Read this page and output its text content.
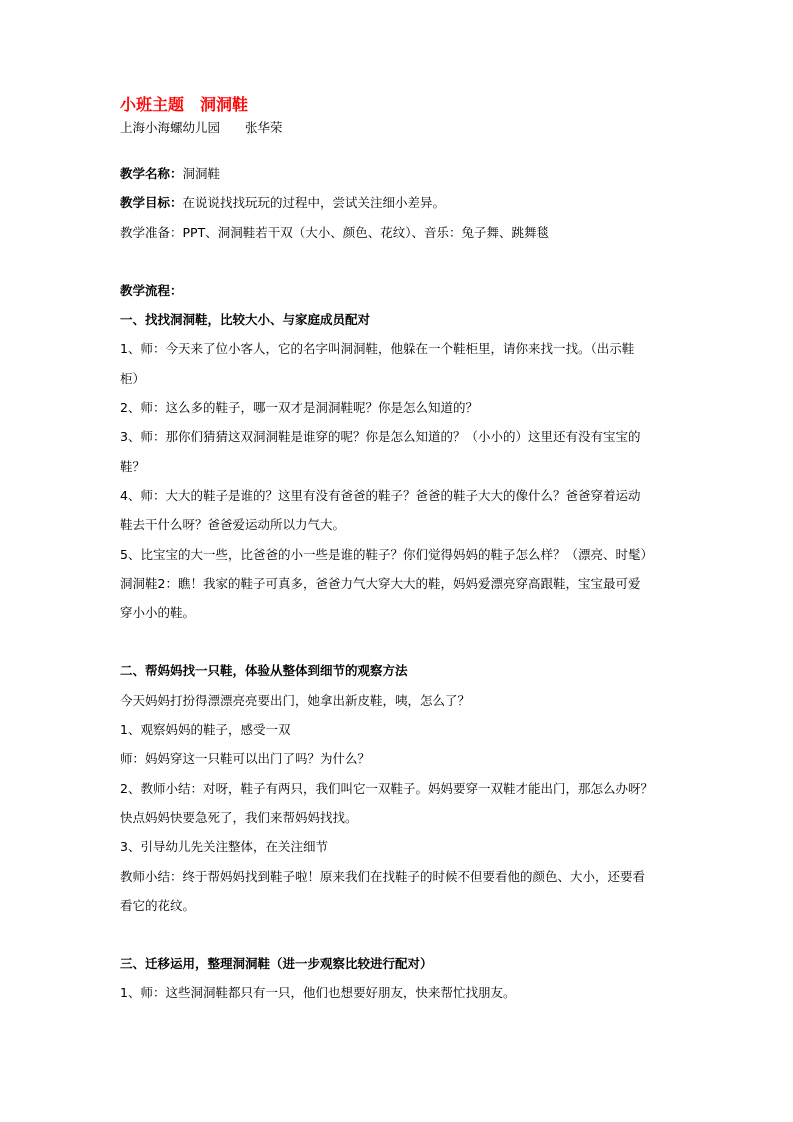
小班主题　洞洞鞋
上海小海螺幼儿园　　张华荣
教学名称：洞洞鞋
教学目标：在说说找找玩玩的过程中，尝试关注细小差异。
教学准备：PPT、洞洞鞋若干双（大小、颜色、花纹）、音乐：兔子舞、跳舞毯
教学流程：
一、找找洞洞鞋，比较大小、与家庭成员配对
1、师：今天来了位小客人，它的名字叫洞洞鞋，他躲在一个鞋柜里，请你来找一找。（出示鞋
柜）
2、师：这么多的鞋子，哪一双才是洞洞鞋呢？你是怎么知道的？
3、师：那你们猜猜这双洞洞鞋是谁穿的呢？你是怎么知道的？（小小的）这里还有没有宝宝的
鞋？
4、师：大大的鞋子是谁的？这里有没有爸爸的鞋子？爸爸的鞋子大大的像什么？爸爸穿着运动
鞋去干什么呀？爸爸爱运动所以力气大。
5、比宝宝的大一些，比爸爸的小一些是谁的鞋子？你们觉得妈妈的鞋子怎么样？（漂亮、时髦）
洞洞鞋2：瞧！我家的鞋子可真多，爸爸力气大穿大大的鞋，妈妈爱漂亮穿高跟鞋，宝宝最可爱
穿小小的鞋。
二、帮妈妈找一只鞋，体验从整体到细节的观察方法
今天妈妈打扮得漂漂亮亮要出门，她拿出新皮鞋，咦，怎么了？
1、观察妈妈的鞋子，感受一双
师：妈妈穿这一只鞋可以出门了吗？为什么？
2、教师小结：对呀，鞋子有两只，我们叫它一双鞋子。妈妈要穿一双鞋才能出门，那怎么办呀？
快点妈妈快要急死了，我们来帮妈妈找找。
3、引导幼儿先关注整体，在关注细节
教师小结：终于帮妈妈找到鞋子啦！原来我们在找鞋子的时候不但要看他的颜色、大小，还要看
看它的花纹。
三、迁移运用，整理洞洞鞋（进一步观察比较进行配对）
1、师：这些洞洞鞋都只有一只，他们也想要好朋友，快来帮忙找朋友。
